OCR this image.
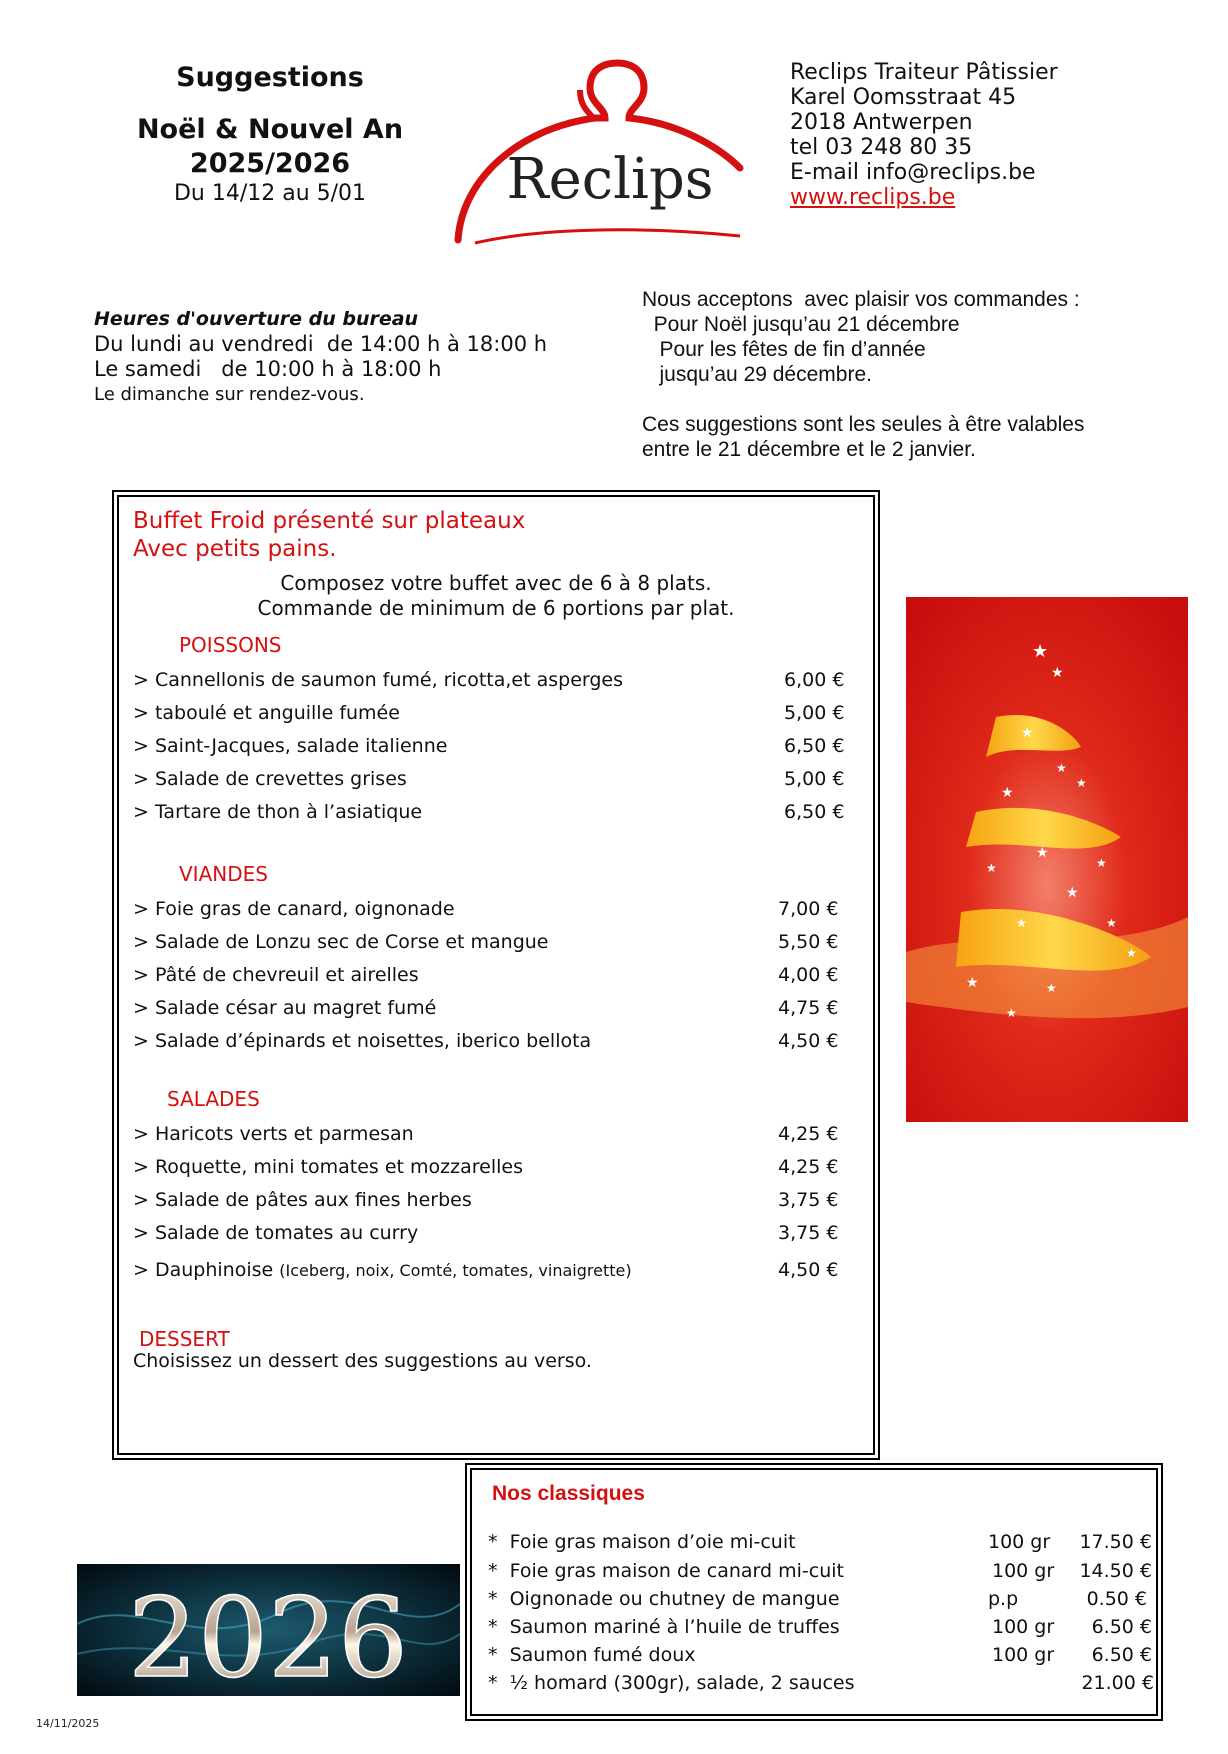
Suggestions
Noël & Nouvel An
2025/2026
Du 14/12 au 5/01	Reclips
Reclips Traiteur Pâtissier
Karel Oomsstraat 45
2018 Antwerpen
tel 03 248 80 35
E-mail info@reclips.be
www.reclips.be
Heures d'ouverture du bureau
Du lundi au vendredi  de 14:00 h à 18:00 h
Le samedi   de 10:00 h à 18:00 h
Le dimanche sur rendez-vous.
Nous acceptons  avec plaisir vos commandes :
Pour Noël jusqu’au 21 décembre
Pour les fêtes de fin d’année
jusqu’au 29 décembre.
Ces suggestions sont les seules à être valables
entre le 21 décembre et le 2 janvier.
Buffet Froid présenté sur plateaux
Avec petits pains.
Composez votre buffet avec de 6 à 8 plats.
Commande de minimum de 6 portions par plat.
POISSONS
> Cannellonis de saumon fumé, ricotta,et asperges	6,00 €
> taboulé et anguille fumée	5,00 €
> Saint-Jacques, salade italienne	6,50 €
> Salade de crevettes grises	5,00 €
> Tartare de thon à l’asiatique	6,50 €
VIANDES
> Foie gras de canard, oignonade	7,00 €
> Salade de Lonzu sec de Corse et mangue	5,50 €
> Pâté de chevreuil et airelles	4,00 €
> Salade césar au magret fumé	4,75 €
> Salade d’épinards et noisettes, iberico bellota	4,50 €
SALADES
> Haricots verts et parmesan	4,25 €
> Roquette, mini tomates et mozzarelles	4,25 €
> Salade de pâtes aux fines herbes	3,75 €
> Salade de tomates au curry	3,75 €
> Dauphinoise (Iceberg, noix, Comté, tomates, vinaigrette)	4,50 €
DESSERT
Choisissez un dessert des suggestions au verso.
★
★
★
★
★
★
★
★	★
★
★	★
★	★
★
★
Nos classiques
* Foie gras maison d’oie mi-cuit	100 gr	17.50 €
* Foie gras maison de canard mi-cuit	100 gr	14.50 €
* Oignonade ou chutney de mangue	p.p	0.50 €
* Saumon mariné à l’huile de truffes	100 gr	6.50 €
* Saumon fumé doux	100 gr	6.50 €
* ½ homard (300gr), salade, 2 sauces	21.00 €
2026
14/11/2025
